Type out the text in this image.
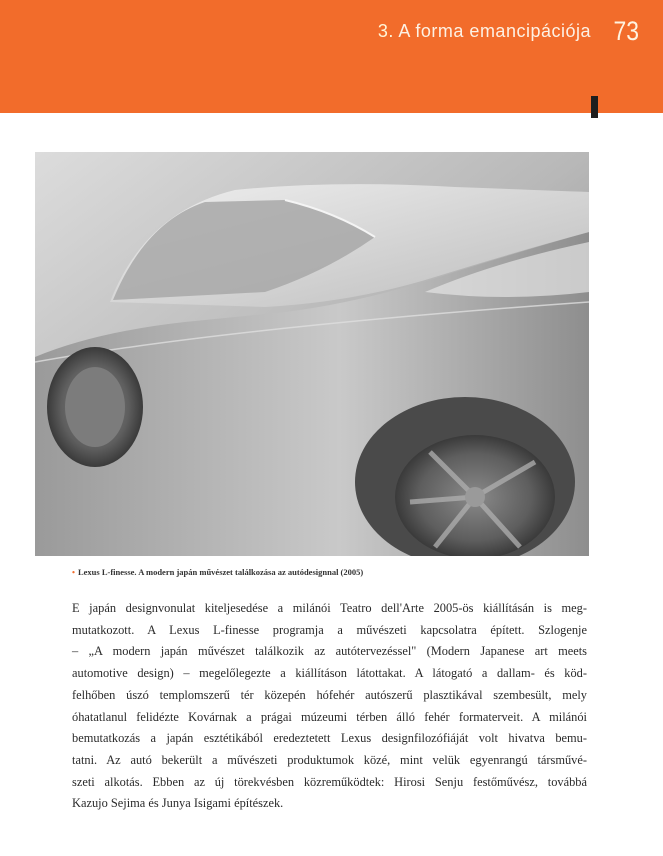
3. A forma emancipációja 73
• Lexus L-finesse. A modern japán művészet találkozása az autódesignnal (2005)
E japán designvonulat kiteljesedése a milánói Teatro dell'Arte 2005-ös kiállításán is meg-
mutatkozott. A Lexus L-finesse programja a művészeti kapcsolatra épített. Szlogenje
– „A modern japán művészet találkozik az autótervezéssel" (Modern Japanese art meets
automotive design) – megelőlegezte a kiállításon látottakat. A látogató a dallam- és köd-
felhőben úszó templomszerű tér közepén hófehér autószerű plasztikával szembesült, mely
óhatatlanul felidézte Kovárnak a prágai múzeumi térben álló fehér formaterveit. A milánói
bemutatkozás a japán esztétikából eredeztetett Lexus designfilozófiáját volt hivatva bemu-
tatni. Az autó bekerült a művészeti produktumok közé, mint velük egyenrangú társművé-
szeti alkotás. Ebben az új törekvésben közreműködtek: Hirosi Senju festőművész, továbbá
Kazujo Sejima és Junya Isigami építészek.
